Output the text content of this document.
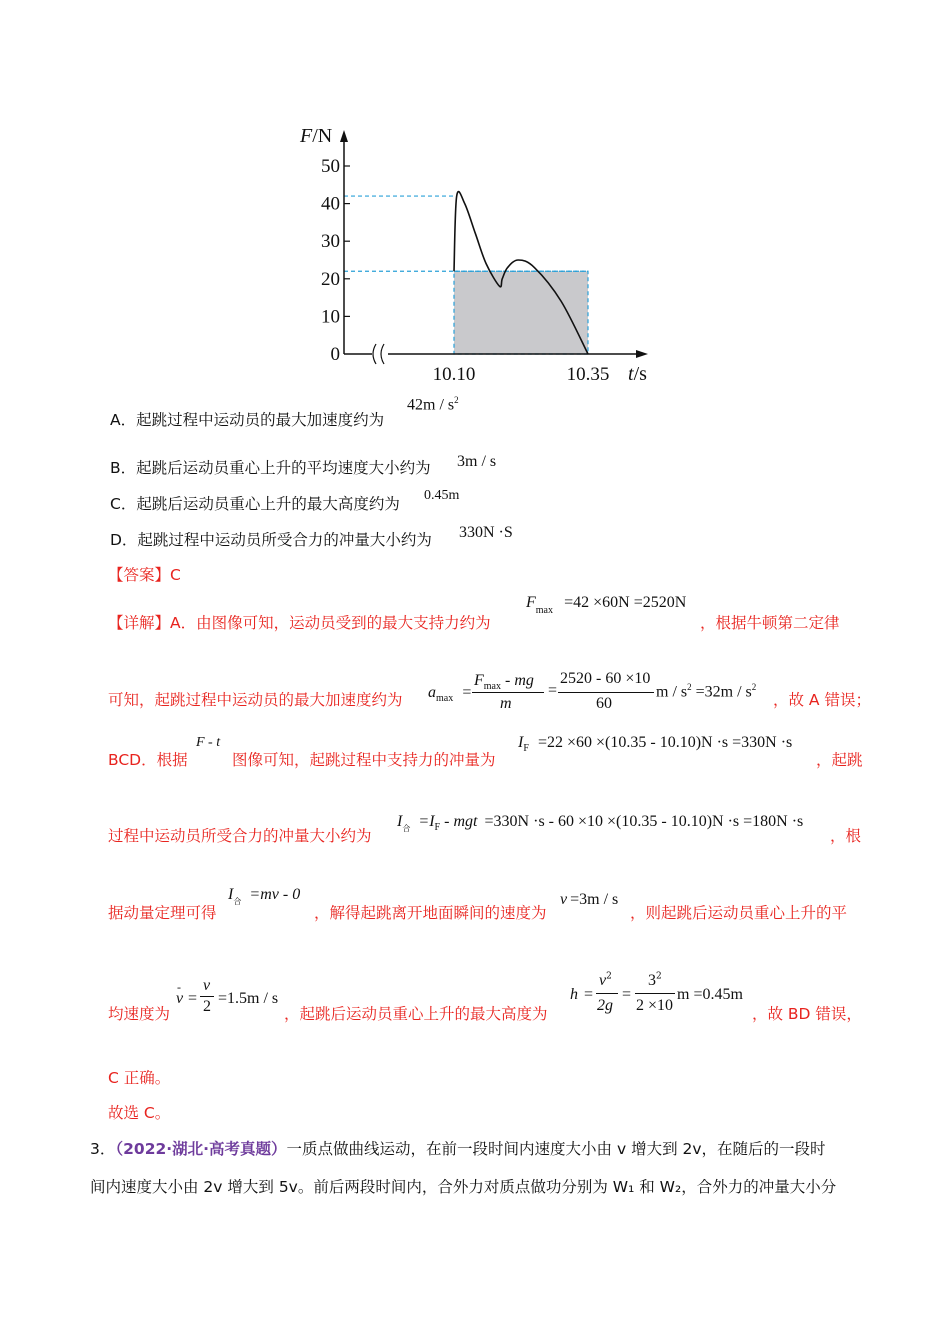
50
40
30
20
10
0
10.10	10.35
F/N
t/s
A．起跳过程中运动员的最大加速度约为
$42m / s^2$
B．起跳后运动员重心上升的平均速度大小约为 3m / s
C．起跳后运动员重心上升的最大高度约为 0.45m
D．起跳过程中运动员所受合力的冲量大小约为 330N ·S
【答案】C
【详解】A．由图像可知，运动员受到的最大支持力约为
$F_{max} =42 \times 60N =2520N$
，根据牛顿第二定律
可知，起跳过程中运动员的最大加速度约为 $a_{max}$ =
$F_{max}$ - mg
m
=
2520 - 60 ×10
60
$m / s^2 =32m / s^2$
，故 A 错误；
BCD．根据
F - t
图像可知，起跳过程中支持力的冲量为
$I_F =22 \times 60 \times(10.35 - 10.10)N \cdot s =330N \cdot s$
，起跳
过程中运动员所受合力的冲量大小约为
$I_合 =I_F$ - mgt =330N ·s - 60 ×10 ×(10.35 - 10.10)N ·s =180N ·s
，根
据动量定理可得
$I_合 =mv - 0$
，解得起跳离开地面瞬间的速度为
v =3m / s
，则起跳后运动员重心上升的平
均速度为
-
v =
v
2 =1.5m / s
，起跳后运动员重心上升的最大高度为
h =
$v^2$
2g
=
$3^2$
2 ×10
m =0.45m
，故 BD 错误，
C 正确。
故选 C。
3．（2022·湖北·高考真题）一质点做曲线运动，在前一段时间内速度大小由 v 增大到 2v，在随后的一段时
间内速度大小由 2v 增大到 5v。前后两段时间内，合外力对质点做功分别为 W₁ 和 W₂，合外力的冲量大小分
